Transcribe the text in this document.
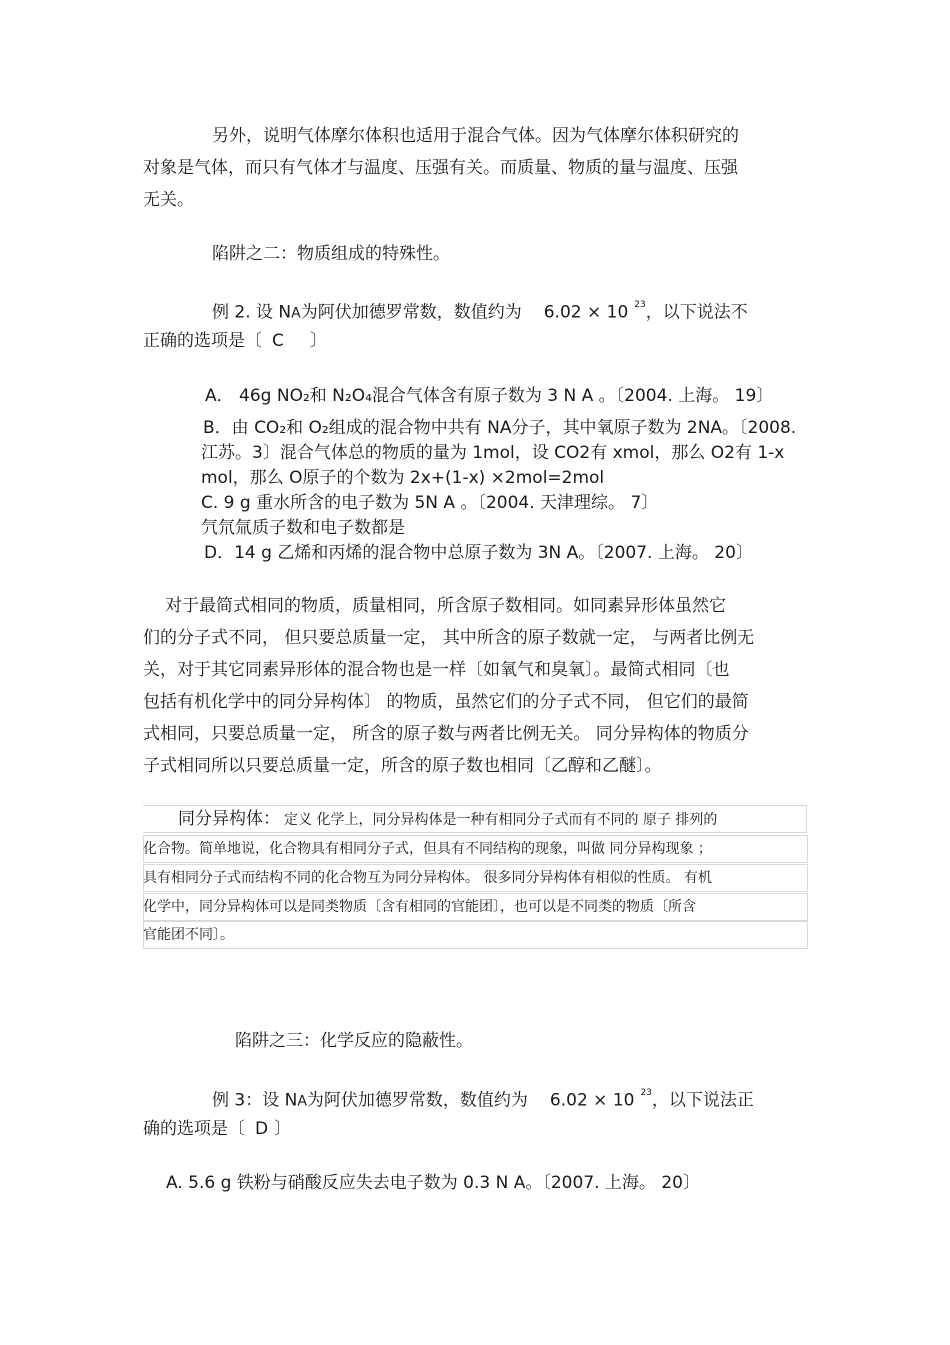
另外，说明气体摩尔体积也适用于混合气体。因为气体摩尔体积研究的
对象是气体，而只有气体才与温度、压强有关。而质量、物质的量与温度、压强
无关。
陷阱之二：物质组成的特殊性。
例 2. 设 NA为阿伏加德罗常数，数值约为 6.02 × 10 $^{23}$，以下说法不
正确的选项是〔 C 〕
A． 46g NO₂和 N₂O₄混合气体含有原子数为 3 N A 。〔2004. 上海。 19〕
B．由 CO₂和 O₂组成的混合物中共有 NA分子，其中氧原子数为 2NA。〔2008.
江苏。3〕混合气体总的物质的量为 1mol，设 CO2有 xmol，那么 O2有 1-x
mol，那么 O原子的个数为 2x+(1-x) ×2mol=2mol
C. 9 g 重水所含的电子数为 5N A 。〔2004. 天津理综。 7〕
氕氘氚质子数和电子数都是
D．14 g 乙烯和丙烯的混合物中总原子数为 3N A。〔2007. 上海。 20〕
对于最简式相同的物质，质量相同，所含原子数相同。如同素异形体虽然它
们的分子式不同， 但只要总质量一定， 其中所含的原子数就一定， 与两者比例无
关，对于其它同素异形体的混合物也是一样〔如氧气和臭氧〕。最简式相同〔也
包括有机化学中的同分异构体〕 的物质，虽然它们的分子式不同， 但它们的最简
式相同，只要总质量一定， 所含的原子数与两者比例无关。 同分异构体的物质分
子式相同所以只要总质量一定，所含的原子数也相同〔乙醇和乙醚〕。
同分异构体： 定义 化学上，同分异构体是一种有相同分子式而有不同的 原子 排列的
化合物。简单地说，化合物具有相同分子式，但具有不同结构的现象，叫做 同分异构现象 ；
具有相同分子式而结构不同的化合物互为同分异构体。 很多同分异构体有相似的性质。 有机
化学中，同分异构体可以是同类物质〔含有相同的官能团〕，也可以是不同类的物质〔所含
官能团不同〕。
陷阱之三：化学反应的隐蔽性。
例 3：设 NA为阿伏加德罗常数，数值约为 6.02 × 10 $^{23}$，以下说法正
确的选项是〔 D 〕
A. 5.6 g 铁粉与硝酸反应失去电子数为 0.3 N A。〔2007. 上海。 20〕
